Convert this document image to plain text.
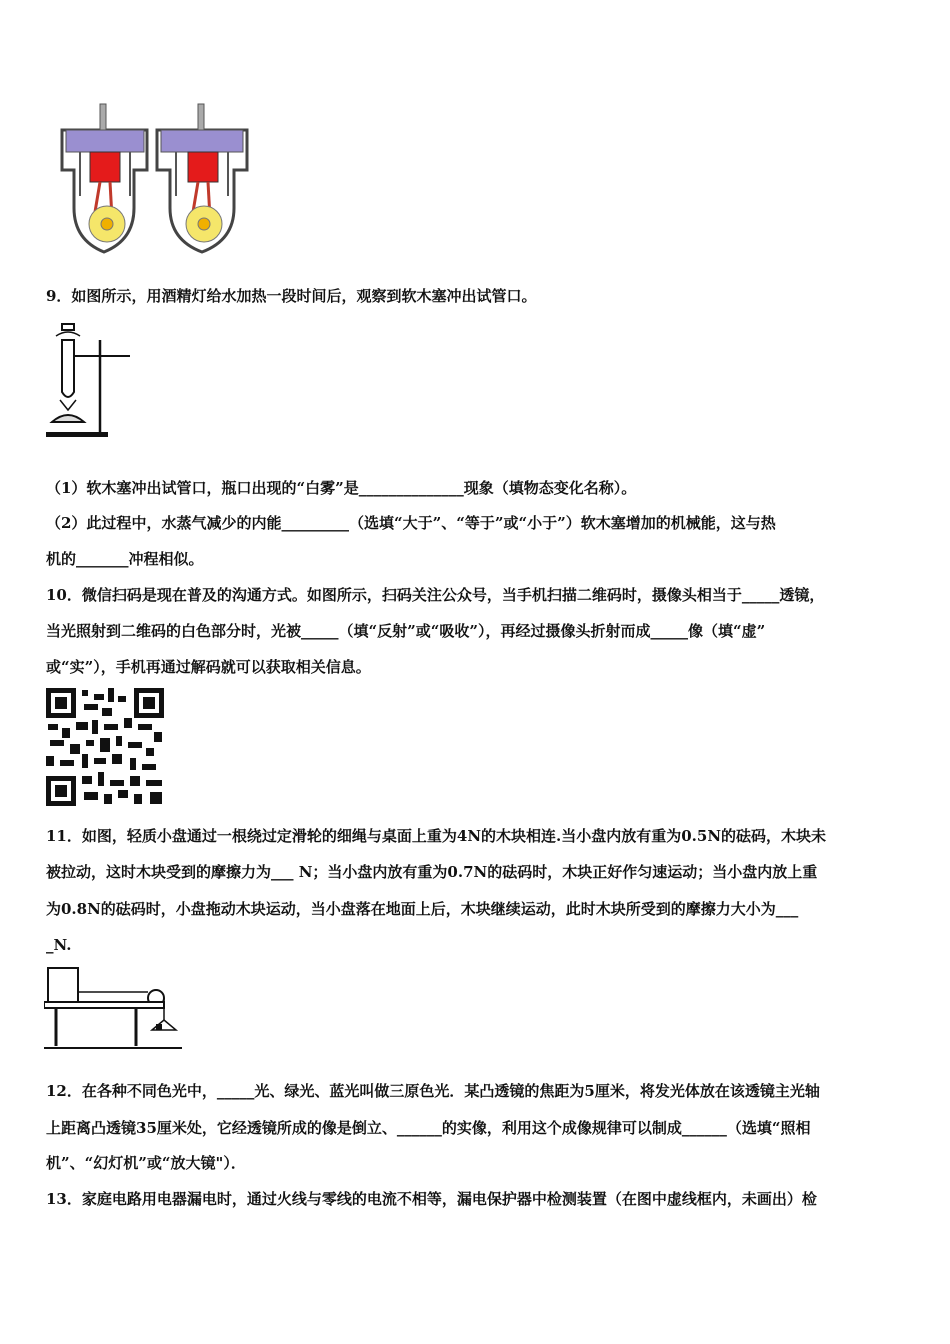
9．如图所示，用酒精灯给水加热一段时间后，观察到软木塞冲出试管口。
（1）软木塞冲出试管口，瓶口出现的“白雾”是______________现象（填物态变化名称）。
（2）此过程中，水蒸气减少的内能_________（选填“大于”、“等于”或“小于”）软木塞增加的机械能，这与热
机的_______冲程相似。
10．微信扫码是现在普及的沟通方式。如图所示，扫码关注公众号，当手机扫描二维码时，摄像头相当于_____透镜，
当光照射到二维码的白色部分时，光被_____（填“反射”或“吸收”），再经过摄像头折射而成_____像（填“虚”
或“实”），手机再通过解码就可以获取相关信息。
11．如图，轻质小盘通过一根绕过定滑轮的细绳与桌面上重为4N的木块相连.当小盘内放有重为0.5N的砝码，木块未
被拉动，这时木块受到的摩擦力为___ N；当小盘内放有重为0.7N的砝码时，木块正好作匀速运动；当小盘内放上重
为0.8N的砝码时，小盘拖动木块运动，当小盘落在地面上后，木块继续运动，此时木块所受到的摩擦力大小为___
_N.
12．在各种不同色光中，_____光、绿光、蓝光叫做三原色光．某凸透镜的焦距为5厘米，将发光体放在该透镜主光轴
上距离凸透镜35厘米处，它经透镜所成的像是倒立、______的实像，利用这个成像规律可以制成______（选填“照相
机”、“幻灯机”或“放大镜"）．
13．家庭电路用电器漏电时，通过火线与零线的电流不相等，漏电保护器中检测装置（在图中虚线框内，未画出）检
